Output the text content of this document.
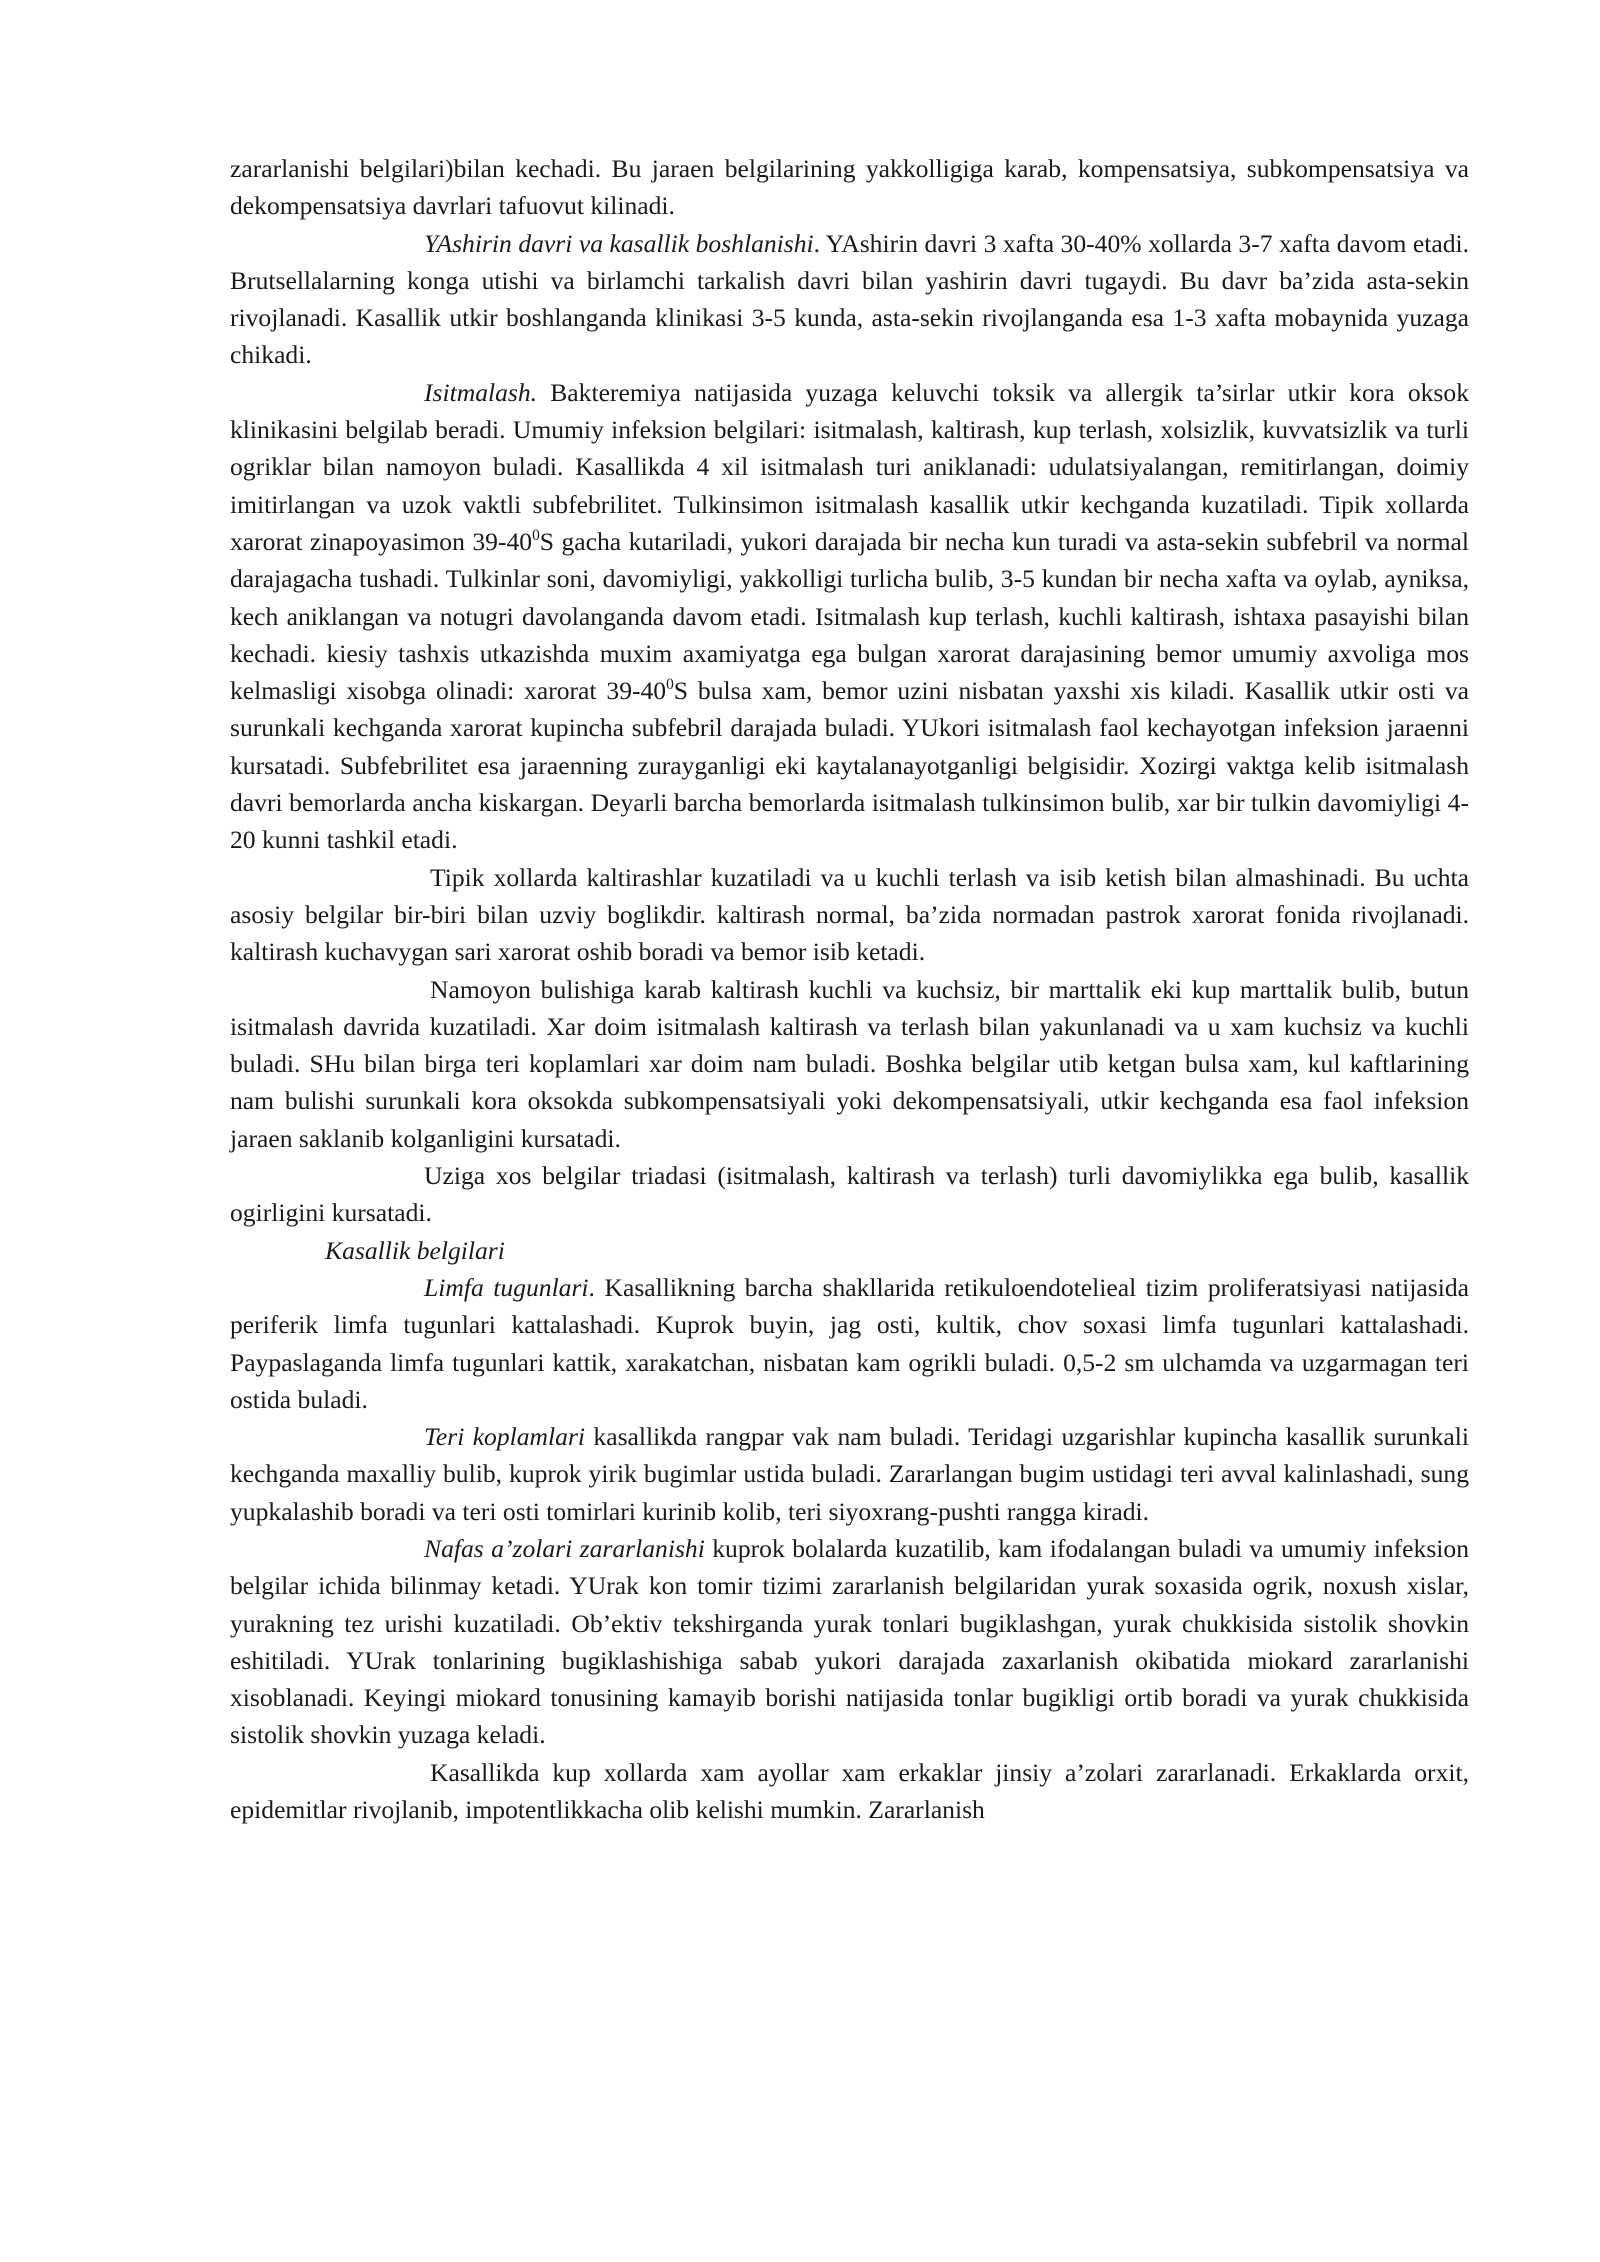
zararlanishi belgilari)bilan kechadi. Bu jaraen belgilarining yakkolligiga karab, kompensatsiya, subkompensatsiya va dekompensatsiya davrlari tafuovut kilinadi.

YAshirin davri va kasallik boshlanishi. YAshirin davri 3 xafta 30-40% xollarda 3-7 xafta davom etadi. Brutsellalarning konga utishi va birlamchi tarkalish davri bilan yashirin davri tugaydi. Bu davr ba’zida asta-sekin rivojlanadi. Kasallik utkir boshlanganda klinikasi 3-5 kunda, asta-sekin rivojlanganda esa 1-3 xafta mobaynida yuzaga chikadi.

Isitmalash. Bakteremiya natijasida yuzaga keluvchi toksik va allergik ta’sirlar utkir kora oksok klinikasini belgilab beradi. Umumiy infeksion belgilari: isitmalash, kaltirash, kup terlash, xolsizlik, kuvvatsizlik va turli ogriklar bilan namoyon buladi. Kasallikda 4 xil isitmalash turi aniklanadi: udulatsiyalangan, remitirlangan, doimiy imitirlangan va uzok vaktli subfebrilitet. Tulkinsimon isitmalash kasallik utkir kechganda kuzatiladi. Tipik xollarda xarorat zinapoyasimon $39-40^0S$ gacha kutariladi, yukori darajada bir necha kun turadi va asta-sekin subfebril va normal darajagacha tushadi. Tulkinlar soni, davomiyligi, yakkolligi turlicha bulib, 3-5 kundan bir necha xafta va oylab, ayniksa, kech aniklangan va notugri davolanganda davom etadi. Isitmalash kup terlash, kuchli kaltirash, ishtaxa pasayishi bilan kechadi. kiesiy tashxis utkazishda muxim axamiyatga ega bulgan xarorat darajasining bemor umumiy axvoliga mos kelmasligi xisobga olinadi: xarorat $39-40^0S$ bulsa xam, bemor uzini nisbatan yaxshi xis kiladi. Kasallik utkir osti va surunkali kechganda xarorat kupincha subfebril darajada buladi. YUkori isitmalash faol kechayotgan infeksion jaraenni kursatadi. Subfebrilitet esa jaraenning zurayganligi eki kaytalanayotganligi belgisidir. Xozirgi vaktga kelib isitmalash davri bemorlarda ancha kiskargan. Deyarli barcha bemorlarda isitmalash tulkinsimon bulib, xar bir tulkin davomiyligi 4-20 kunni tashkil etadi.

Tipik xollarda kaltirashlar kuzatiladi va u kuchli terlash va isib ketish bilan almashinadi. Bu uchta asosiy belgilar bir-biri bilan uzviy boglikdir. kaltirash normal, ba’zida normadan pastrok xarorat fonida rivojlanadi. kaltirash kuchavygan sari xarorat oshib boradi va bemor isib ketadi.

Namoyon bulishiga karab kaltirash kuchli va kuchsiz, bir marttalik eki kup marttalik bulib, butun isitmalash davrida kuzatiladi. Xar doim isitmalash kaltirash va terlash bilan yakunlanadi va u xam kuchsiz va kuchli buladi. SHu bilan birga teri koplamlari xar doim nam buladi. Boshka belgilar utib ketgan bulsa xam, kul kaftlarining nam bulishi surunkali kora oksokda subkompensatsiyali yoki dekompensatsiyali, utkir kechganda esa faol infeksion jaraen saklanib kolganligini kursatadi.

Uziga xos belgilar triadasi (isitmalash, kaltirash va terlash) turli davomiylikka ega bulib, kasallik ogirligini kursatadi.

Kasallik belgilari

Limfa tugunlari. Kasallikning barcha shakllarida retikuloendotelieal tizim proliferatsiyasi natijasida periferik limfa tugunlari kattalashadi. Kuprok buyin, jag osti, kultik, chov soxasi limfa tugunlari kattalashadi. Paypaslaganda limfa tugunlari kattik, xarakatchan, nisbatan kam ogrikli buladi. 0,5-2 sm ulchamda va uzgarmagan teri ostida buladi.

Teri koplamlari kasallikda rangpar vak nam buladi. Teridagi uzgarishlar kupincha kasallik surunkali kechganda maxalliy bulib, kuprok yirik bugimlar ustida buladi. Zararlangan bugim ustidagi teri avval kalinlashadi, sung yupkalashib boradi va teri osti tomirlari kurinib kolib, teri siyoxrang-pushti rangga kiradi.

Nafas a’zolari zararlanishi kuprok bolalarda kuzatilib, kam ifodalangan buladi va umumiy infeksion belgilar ichida bilinmay ketadi. YUrak kon tomir tizimi zararlanish belgilaridan yurak soxasida ogrik, noxush xislar, yurakning tez urishi kuzatiladi. Ob’ektiv tekshirganda yurak tonlari bugiklashgan, yurak chukkisida sistolik shovkin eshitiladi. YUrak tonlarining bugiklashishiga sabab yukori darajada zaxarlanish okibatida miokard zararlanishi xisoblanadi. Keyingi miokard tonusining kamayib borishi natijasida tonlar bugikligi ortib boradi va yurak chukkisida sistolik shovkin yuzaga keladi.

Kasallikda kup xollarda xam ayollar xam erkaklar jinsiy a’zolari zararlanadi. Erkaklarda orxit, epidemitlar rivojlanib, impotentlikkacha olib kelishi mumkin. Zararlanish
